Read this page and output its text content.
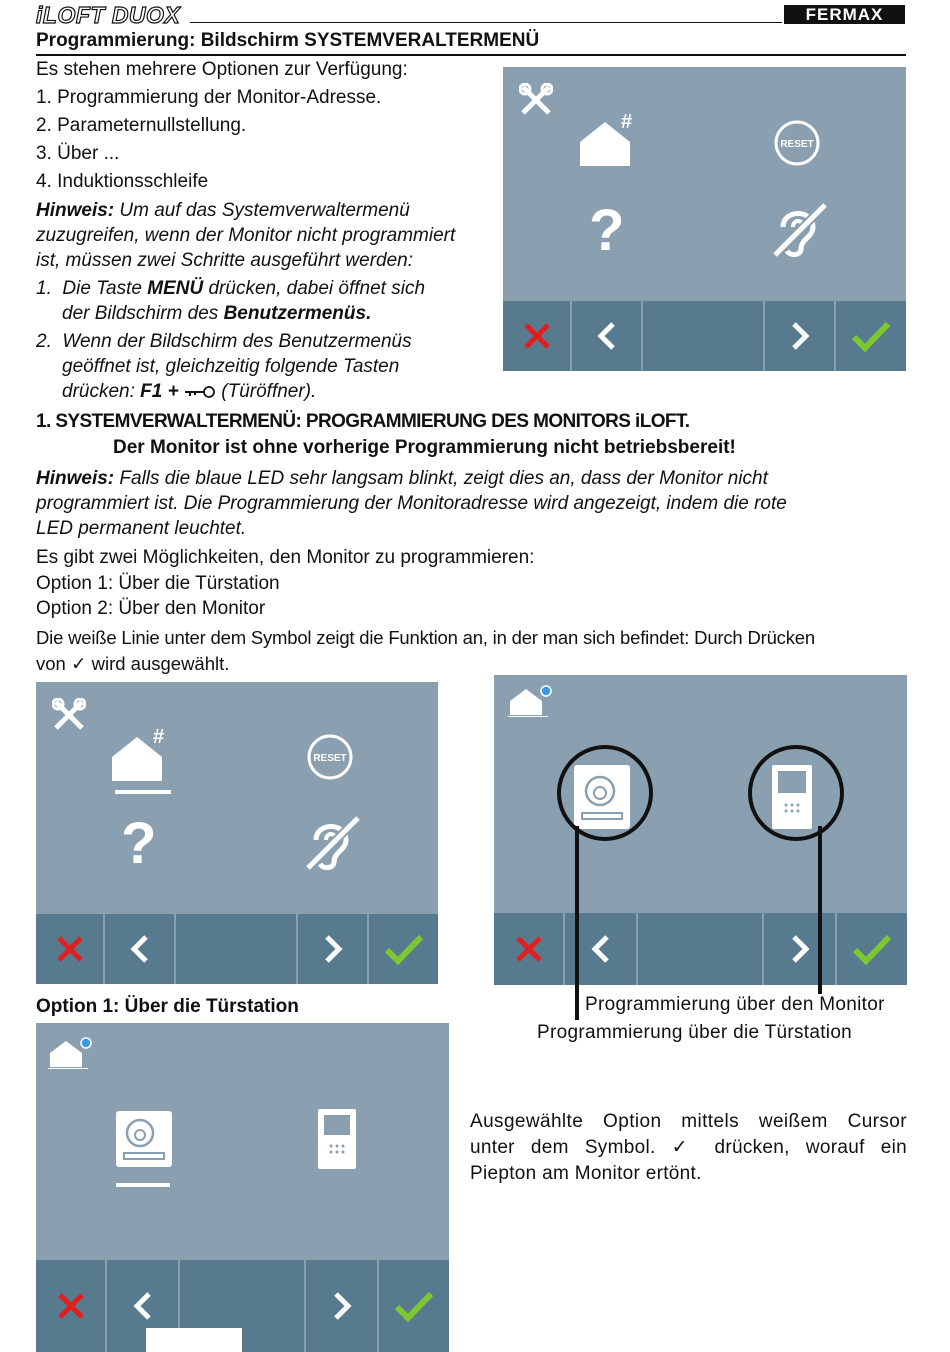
iLOFT DUOX	FERMAX
Programmierung: Bildschirm SYSTEMVERALTERMENÜ
Es stehen mehrere Optionen zur Verfügung:
1. Programmierung der Monitor-Adresse.
2. Parameternullstellung.
3. Über ...
4. Induktionsschleife
Hinweis: Um auf das Systemverwaltermenü
zuzugreifen, wenn der Monitor nicht programmiert
ist, müssen zwei Schritte ausgeführt werden:
1.  Die Taste MENÜ drücken, dabei öffnet sich
der Bildschirm des Benutzermenüs.
2.  Wenn der Bildschirm des Benutzermenüs
geöffnet ist, gleichzeitig folgende Tasten
drücken: F1 + (Türöffner).
#
RESET
?
1. SYSTEMVERWALTERMENÜ: PROGRAMMIERUNG DES MONITORS iLOFT.
Der Monitor ist ohne vorherige Programmierung nicht betriebsbereit!
Hinweis: Falls die blaue LED sehr langsam blinkt, zeigt dies an, dass der Monitor nicht
programmiert ist. Die Programmierung der Monitoradresse wird angezeigt, indem die rote
LED permanent leuchtet.
Es gibt zwei Möglichkeiten, den Monitor zu programmieren:
Option 1: Über die Türstation
Option 2: Über den Monitor
Die weiße Linie unter dem Symbol zeigt die Funktion an, in der man sich befindet: Durch Drücken
von ✓ wird ausgewählt.
#
RESET
?
Option 1: Über die Türstation	Programmierung über den Monitor
Programmierung über die Türstation
Ausgewählte Option mittels weißem Cursor
unter dem Symbol. ✓ drücken, worauf ein
Piepton am Monitor ertönt.
